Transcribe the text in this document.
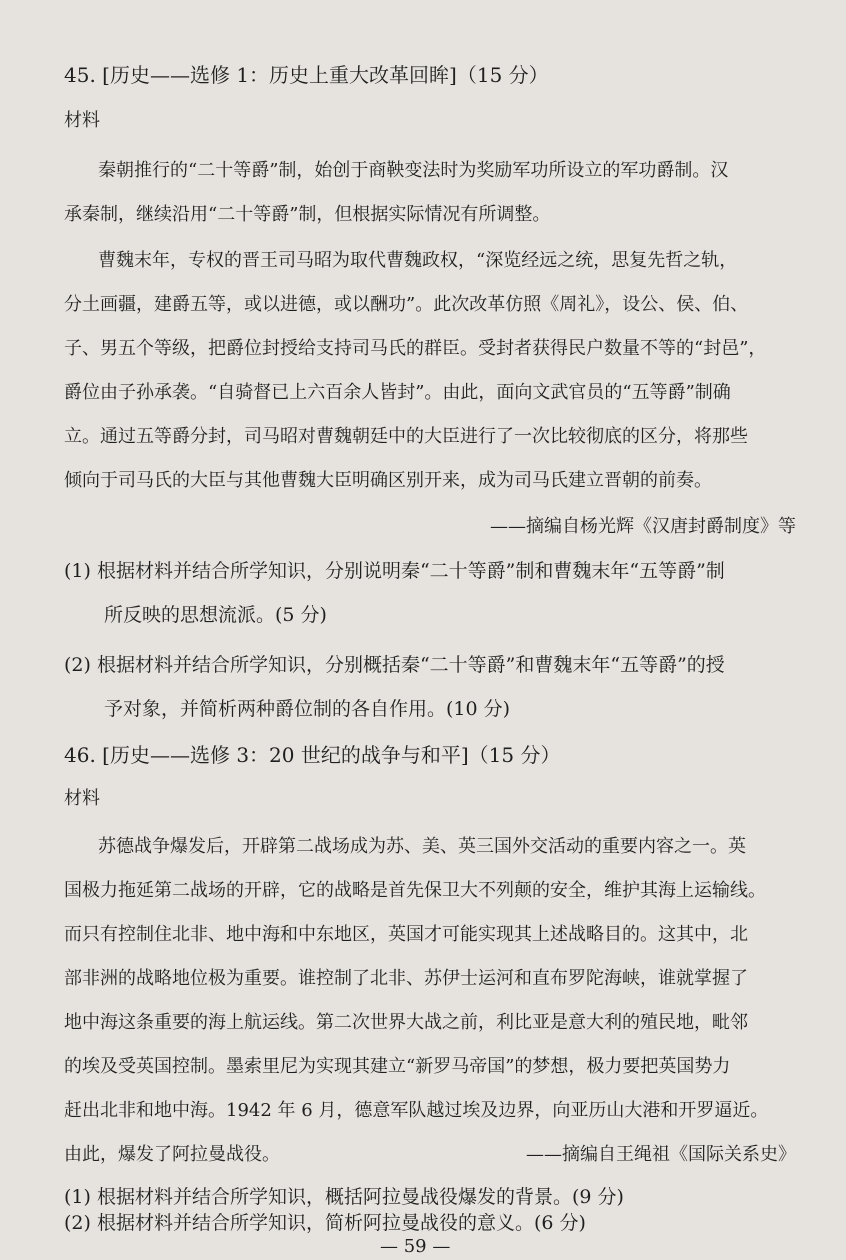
45. [历史——选修 1：历史上重大改革回眸]（15 分）
材料
秦朝推行的“二十等爵”制，始创于商鞅变法时为奖励军功所设立的军功爵制。汉
承秦制，继续沿用“二十等爵”制，但根据实际情况有所调整。
曹魏末年，专权的晋王司马昭为取代曹魏政权，“深览经远之统，思复先哲之轨，
分土画疆，建爵五等，或以进德，或以酬功”。此次改革仿照《周礼》，设公、侯、伯、
子、男五个等级，把爵位封授给支持司马氏的群臣。受封者获得民户数量不等的“封邑”，
爵位由子孙承袭。“自骑督已上六百余人皆封”。由此，面向文武官员的“五等爵”制确
立。通过五等爵分封，司马昭对曹魏朝廷中的大臣进行了一次比较彻底的区分，将那些
倾向于司马氏的大臣与其他曹魏大臣明确区别开来，成为司马氏建立晋朝的前奏。
——摘编自杨光辉《汉唐封爵制度》等
(1) 根据材料并结合所学知识，分别说明秦“二十等爵”制和曹魏末年“五等爵”制
所反映的思想流派。(5 分)
(2) 根据材料并结合所学知识，分别概括秦“二十等爵”和曹魏末年“五等爵”的授
予对象，并简析两种爵位制的各自作用。(10 分)
46. [历史——选修 3：20 世纪的战争与和平]（15 分）
材料
苏德战争爆发后，开辟第二战场成为苏、美、英三国外交活动的重要内容之一。英
国极力拖延第二战场的开辟，它的战略是首先保卫大不列颠的安全，维护其海上运输线。
而只有控制住北非、地中海和中东地区，英国才可能实现其上述战略目的。这其中，北
部非洲的战略地位极为重要。谁控制了北非、苏伊士运河和直布罗陀海峡，谁就掌握了
地中海这条重要的海上航运线。第二次世界大战之前，利比亚是意大利的殖民地，毗邻
的埃及受英国控制。墨索里尼为实现其建立“新罗马帝国”的梦想，极力要把英国势力
赶出北非和地中海。1942 年 6 月，德意军队越过埃及边界，向亚历山大港和开罗逼近。
由此，爆发了阿拉曼战役。	——摘编自王绳祖《国际关系史》
(1) 根据材料并结合所学知识，概括阿拉曼战役爆发的背景。(9 分)
(2) 根据材料并结合所学知识，简析阿拉曼战役的意义。(6 分)
— 59 —
